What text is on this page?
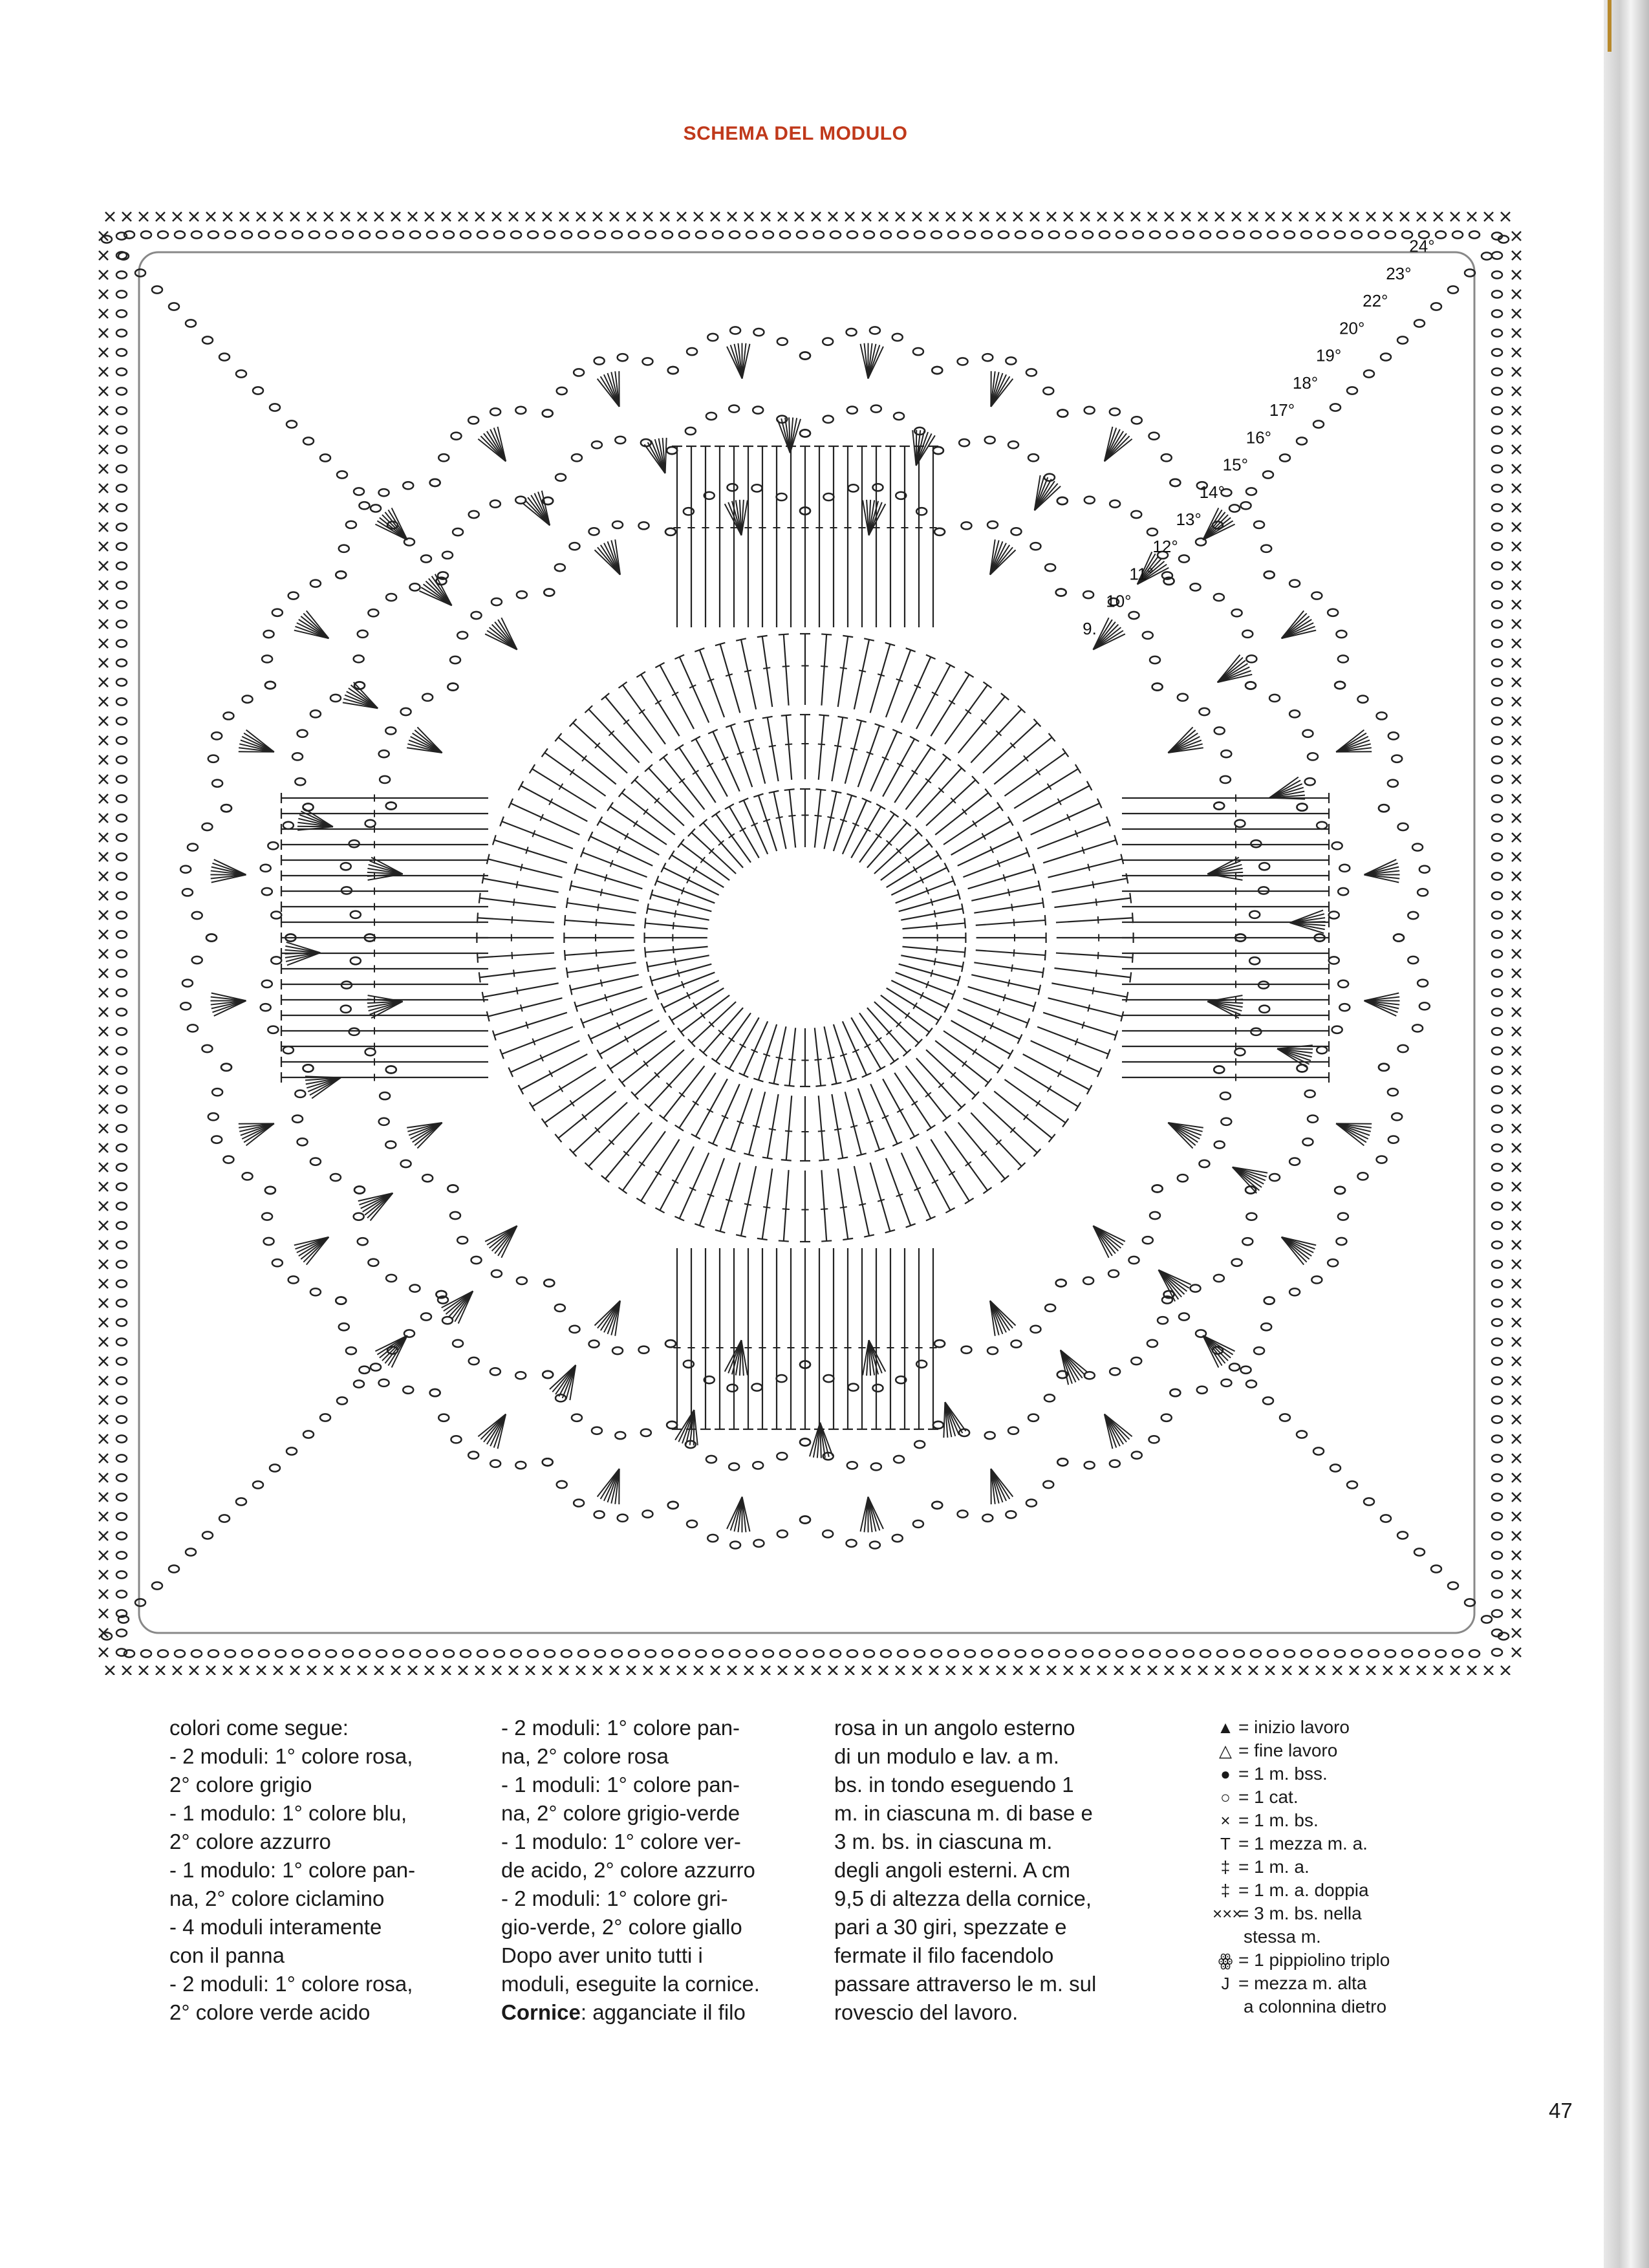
SCHEMA DEL MODULO
24°
23°
22°
20°
19°
18°
17°
16°
15°
14°
13°
12°
11°
10°
9.

colori come segue:

- 2 moduli: 1° colore rosa,

2° colore grigio

- 1 modulo: 1° colore blu,

2° colore azzurro

- 1 modulo: 1° colore pan-

na, 2° colore ciclamino

- 4 moduli interamente

con il panna

- 2 moduli: 1° colore rosa,

2° colore verde acido

- 2 moduli: 1° colore pan-

na, 2° colore rosa

- 1 moduli: 1° colore pan-

na, 2° colore grigio-verde

- 1 modulo: 1° colore ver-

de acido, 2° colore azzurro

- 2 moduli: 1° colore gri-

gio-verde, 2° colore giallo

Dopo aver unito tutti i

moduli, eseguite la cornice.

Cornice: agganciate il filo

rosa in un angolo esterno

di un modulo e lav. a m.

bs. in tondo eseguendo 1

m. in ciascuna m. di base e

3 m. bs. in ciascuna m.

degli angoli esterni. A cm

9,5 di altezza della cornice,

pari a 30 giri, spezzate e

fermate il filo facendolo

passare attraverso le m. sul

rovescio del lavoro.

▲ = inizio lavoro
△ = fine lavoro
● = 1 m. bss.
○ = 1 cat.
× = 1 m. bs.
T = 1 mezza m. a.
‡ = 1 m. a.
‡ = 1 m. a. doppia
×××
= 3 m. bs. nella
stessa m.
ꙮ = 1 pippiolino triplo
J = mezza m. alta
a colonnina dietro
47
